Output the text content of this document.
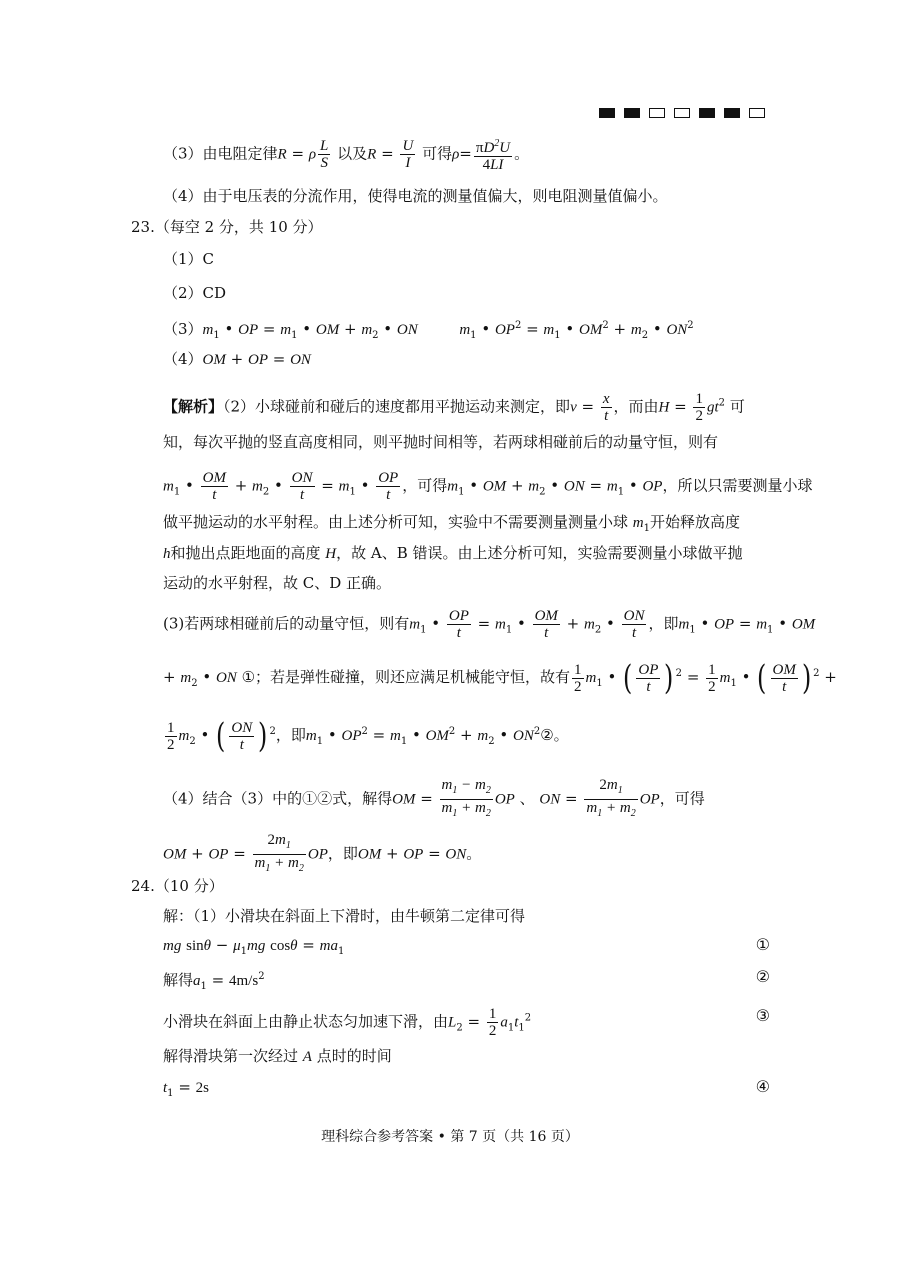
（3）由电阻定律R = ρ $\frac{L}{S}$ 以及$R = \frac{U}{I}$ 可得$\rho= \frac{\pi D^2U}{4LI}$ 。
（4）由于电压表的分流作用，使得电流的测量值偏大，则电阻测量值偏小。
23.（每空 2 分，共 10 分）
（1）C
（2）CD
$(3)m_1$ • OP = $m_1$ • OM + $m_2$ • ON	$m_1$ • $OP^2 = m_1$ • $OM^2 + m_2$ • $ON^2$
（4）OM + OP = ON
【解析】（2）小球碰前和碰后的速度都用平抛运动来测定，即$v = \frac{x}{t}$ ，而由$H = \frac{1}{2} gt^2$ 可
知，每次平抛的竖直高度相同，则平抛时间相等，若两球相碰前后的动量守恒，则有
$m_1$ • $\frac{OM}{t} + m_2$ • $\frac{ON}{t} = m_1$ • $\frac{OP}{t}$ ，可得$m_1$ • OM + $m_2$ • ON = $m_1$ • OP，所以只需要测量小球
做平抛运动的水平射程。由上述分析可知，实验中不需要测量测量小球 $m_1$开始释放高度
h和抛出点距地面的高度 H，故 A、B 错误。由上述分析可知，实验需要测量小球做平抛
运动的水平射程，故 C、D 正确。
(3)若两球相碰前后的动量守恒，则有$m_1$ • $\frac{OP}{t} = m_1$ • $\frac{OM}{t} + m_2$ • $\frac{ON}{t}$ ，即$m_1$ • OP = $m_1$ • OM
+ $m_2$ • ON ①；若是弹性碰撞，则还应满足机械能守恒，故有 $\frac{1}{2} m_1$ • ( $\frac{OP}{t}$ ) $^2 = \frac{1}{2} m_1$ • ( $\frac{OM}{t}$ ) $^2$ +
$\frac{1}{2} m_2$ • ( $\frac{ON}{t}$ ) $^2$，即$m_1$ • $OP^2 = m_1$ • $OM^2 + m_2$ • $ON^2②$。
（4）结合（3）中的①②式，解得OM = $\frac{m_1 - m_2}{m_1 + m_2}$ OP 、 ON = $\frac{2m_1}{m_1 + m_2}$ OP，可得
OM + OP = $\frac{2m_1}{m_1 + m_2}$ OP，即OM + OP = ON。
24.（10 分）
解：（1）小滑块在斜面上下滑时，由牛顿第二定律可得
mg $\sin\theta - \mu_1mg$ $\cos\theta = ma_1$	①
解得$a_1 = 4m/s^2$	②
小滑块在斜面上由静止状态匀加速下滑，由$L_2 = \frac{1}{2} a_1t_1^2$	③
解得滑块第一次经过 A 点时的时间
$t_1 = 2s$	④
理科综合参考答案 • 第 7 页（共 16 页）
